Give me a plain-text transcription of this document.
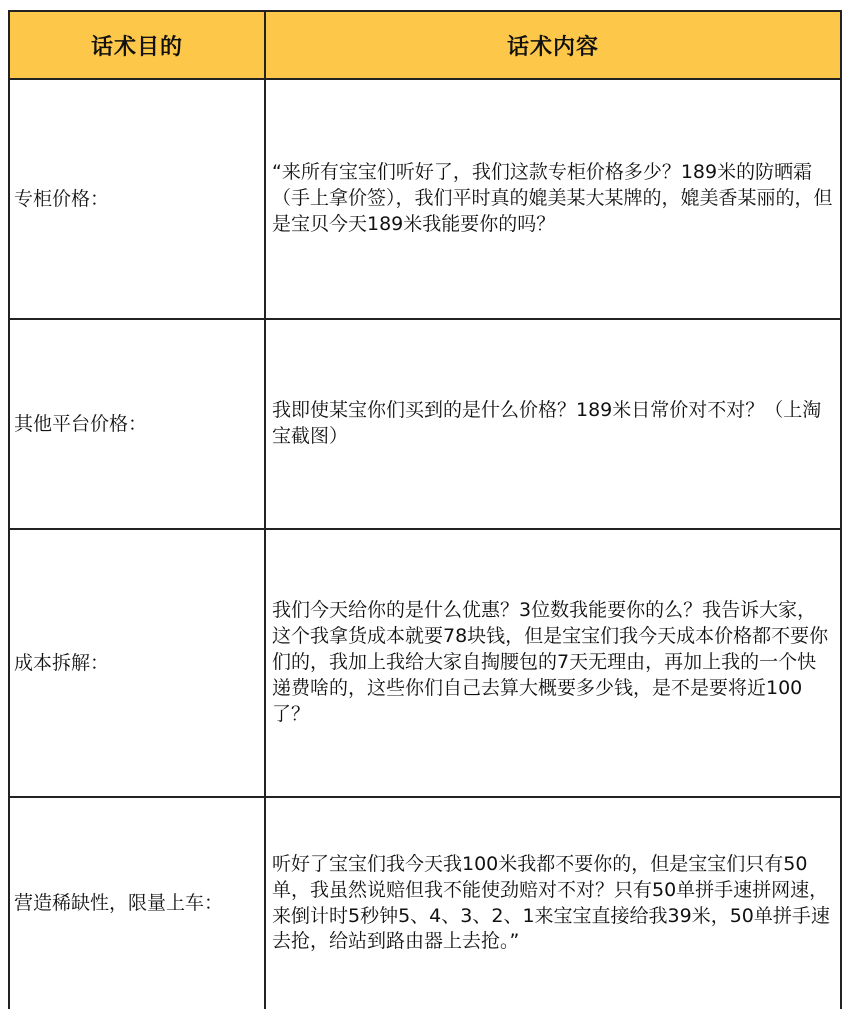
话术目的	话术内容
专柜价格：
“来所有宝宝们听好了，我们这款专柜价格多少？189米的防晒霜（手上拿价签），我们平时真的媲美某大某牌的，媲美香某丽的，但是宝贝今天189米我能要你的吗？
其他平台价格：
我即使某宝你们买到的是什么价格？189米日常价对不对？（上淘宝截图）
成本拆解：
我们今天给你的是什么优惠？3位数我能要你的么？我告诉大家，这个我拿货成本就要78块钱，但是宝宝们我今天成本价格都不要你们的，我加上我给大家自掏腰包的7天无理由，再加上我的一个快递费啥的，这些你们自己去算大概要多少钱，是不是要将近100了？
营造稀缺性，限量上车：
听好了宝宝们我今天我100米我都不要你的，但是宝宝们只有50单，我虽然说赔但我不能使劲赔对不对？只有50单拼手速拼网速，来倒计时5秒钟5、4、3、2、1来宝宝直接给我39米，50单拼手速去抢，给站到路由器上去抢。”
